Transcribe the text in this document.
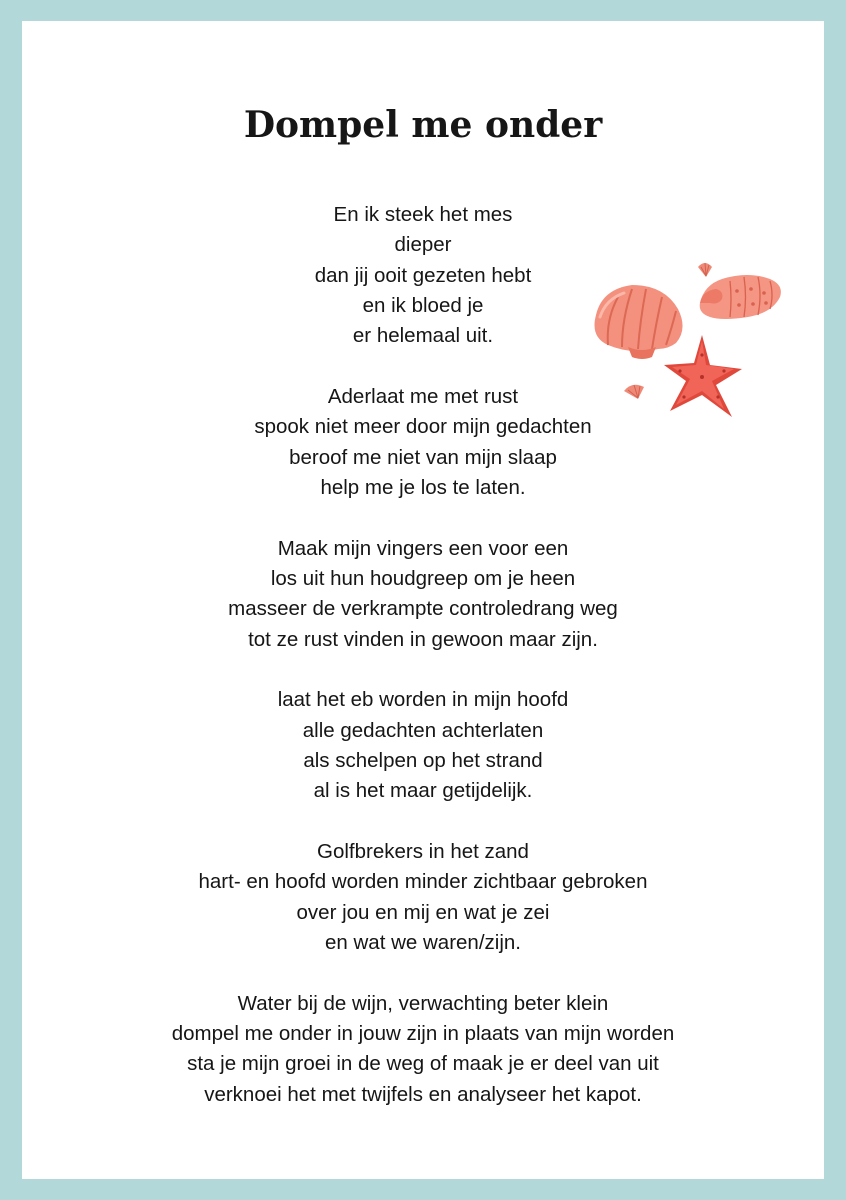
Dompel me onder
En ik steek het mes
dieper
dan jij ooit gezeten hebt
en ik bloed je
er helemaal uit.
Aderlaat me met rust
spook niet meer door mijn gedachten
beroof me niet van mijn slaap
help me je los te laten.
Maak mijn vingers een voor een
los uit hun houdgreep om je heen
masseer de verkrampte controledrang weg
tot ze rust vinden in gewoon maar zijn.
laat het eb worden in mijn hoofd
alle gedachten achterlaten
als schelpen op het strand
al is het maar getijdelijk.
Golfbrekers in het zand
hart- en hoofd worden minder zichtbaar gebroken
over jou en mij en wat je zei
en wat we waren/zijn.
Water bij de wijn, verwachting beter klein
dompel me onder in jouw zijn in plaats van mijn worden
sta je mijn groei in de weg of maak je er deel van uit
verknoei het met twijfels en analyseer het kapot.
